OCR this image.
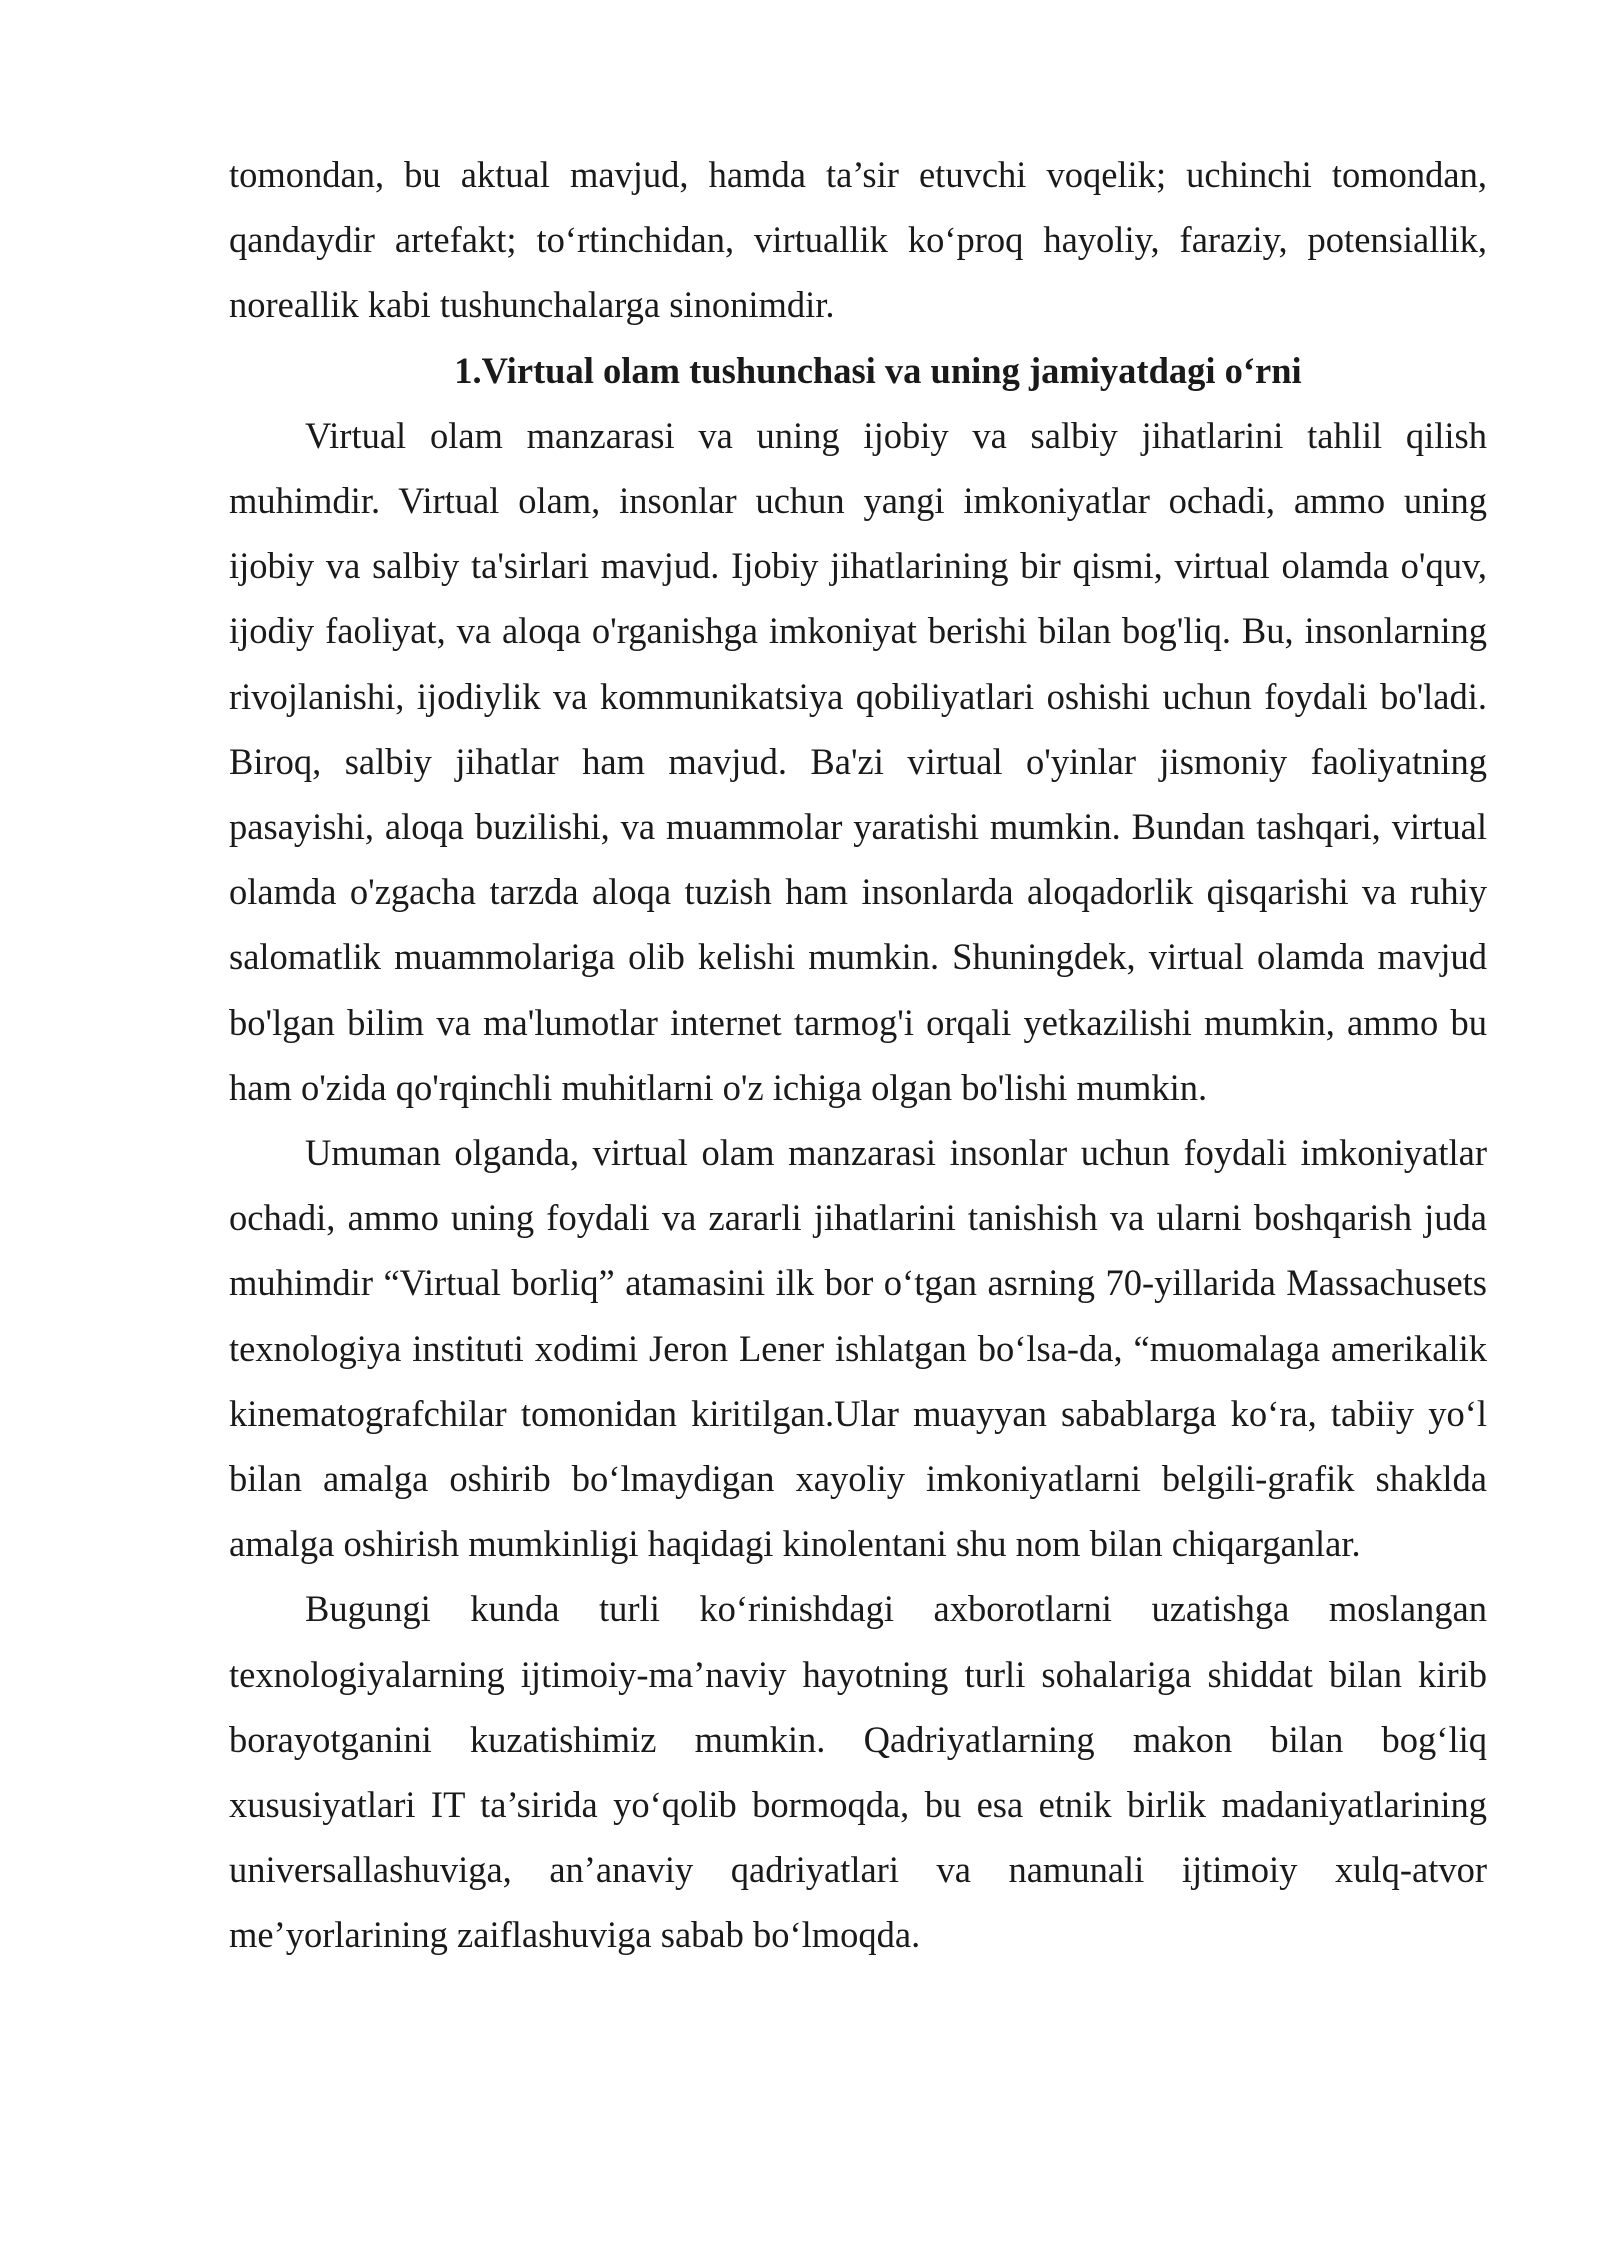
tomondan, bu aktual mavjud, hamda ta’sir etuvchi voqelik; uchinchi tomondan, qandaydir artefakt; to‘rtinchidan, virtuallik ko‘proq hayoliy, faraziy, potensiallik, noreallik kabi tushunchalarga sinonimdir.

1.Virtual olam tushunchasi va uning jamiyatdagi o‘rni

Virtual olam manzarasi va uning ijobiy va salbiy jihatlarini tahlil qilish muhimdir. Virtual olam, insonlar uchun yangi imkoniyatlar ochadi, ammo uning ijobiy va salbiy ta'sirlari mavjud. Ijobiy jihatlarining bir qismi, virtual olamda o'quv, ijodiy faoliyat, va aloqa o'rganishga imkoniyat berishi bilan bog'liq. Bu, insonlarning rivojlanishi, ijodiylik va kommunikatsiya qobiliyatlari oshishi uchun foydali bo'ladi. Biroq, salbiy jihatlar ham mavjud. Ba'zi virtual o'yinlar jismoniy faoliyatning pasayishi, aloqa buzilishi, va muammolar yaratishi mumkin. Bundan tashqari, virtual olamda o'zgacha tarzda aloqa tuzish ham insonlarda aloqadorlik qisqarishi va ruhiy salomatlik muammolariga olib kelishi mumkin. Shuningdek, virtual olamda mavjud bo'lgan bilim va ma'lumotlar internet tarmog'i orqali yetkazilishi mumkin, ammo bu ham o'zida qo'rqinchli muhitlarni o'z ichiga olgan bo'lishi mumkin.

Umuman olganda, virtual olam manzarasi insonlar uchun foydali imkoniyatlar ochadi, ammo uning foydali va zararli jihatlarini tanishish va ularni boshqarish juda muhimdir “Virtual borliq” atamasini ilk bor o‘tgan asrning 70-yillarida Massachusets texnologiya instituti xodimi Jeron Lener ishlatgan bo‘lsa-da, “muomalaga amerikalik kinematografchilar tomonidan kiritilgan.Ular muayyan sabablarga ko‘ra, tabiiy yo‘l bilan amalga oshirib bo‘lmaydigan xayoliy imkoniyatlarni belgili-grafik shaklda amalga oshirish mumkinligi haqidagi kinolentani shu nom bilan chiqarganlar.

Bugungi kunda turli ko‘rinishdagi axborotlarni uzatishga moslangan texnologiyalarning ijtimoiy-ma’naviy hayotning turli sohalariga shiddat bilan kirib borayotganini kuzatishimiz mumkin. Qadriyatlarning makon bilan bog‘liq xususiyatlari IT ta’sirida yo‘qolib bormoqda, bu esa etnik birlik madaniyatlarining universallashuviga, an’anaviy qadriyatlari va namunali ijtimoiy xulq-atvor me’yorlarining zaiflashuviga sabab bo‘lmoqda.
